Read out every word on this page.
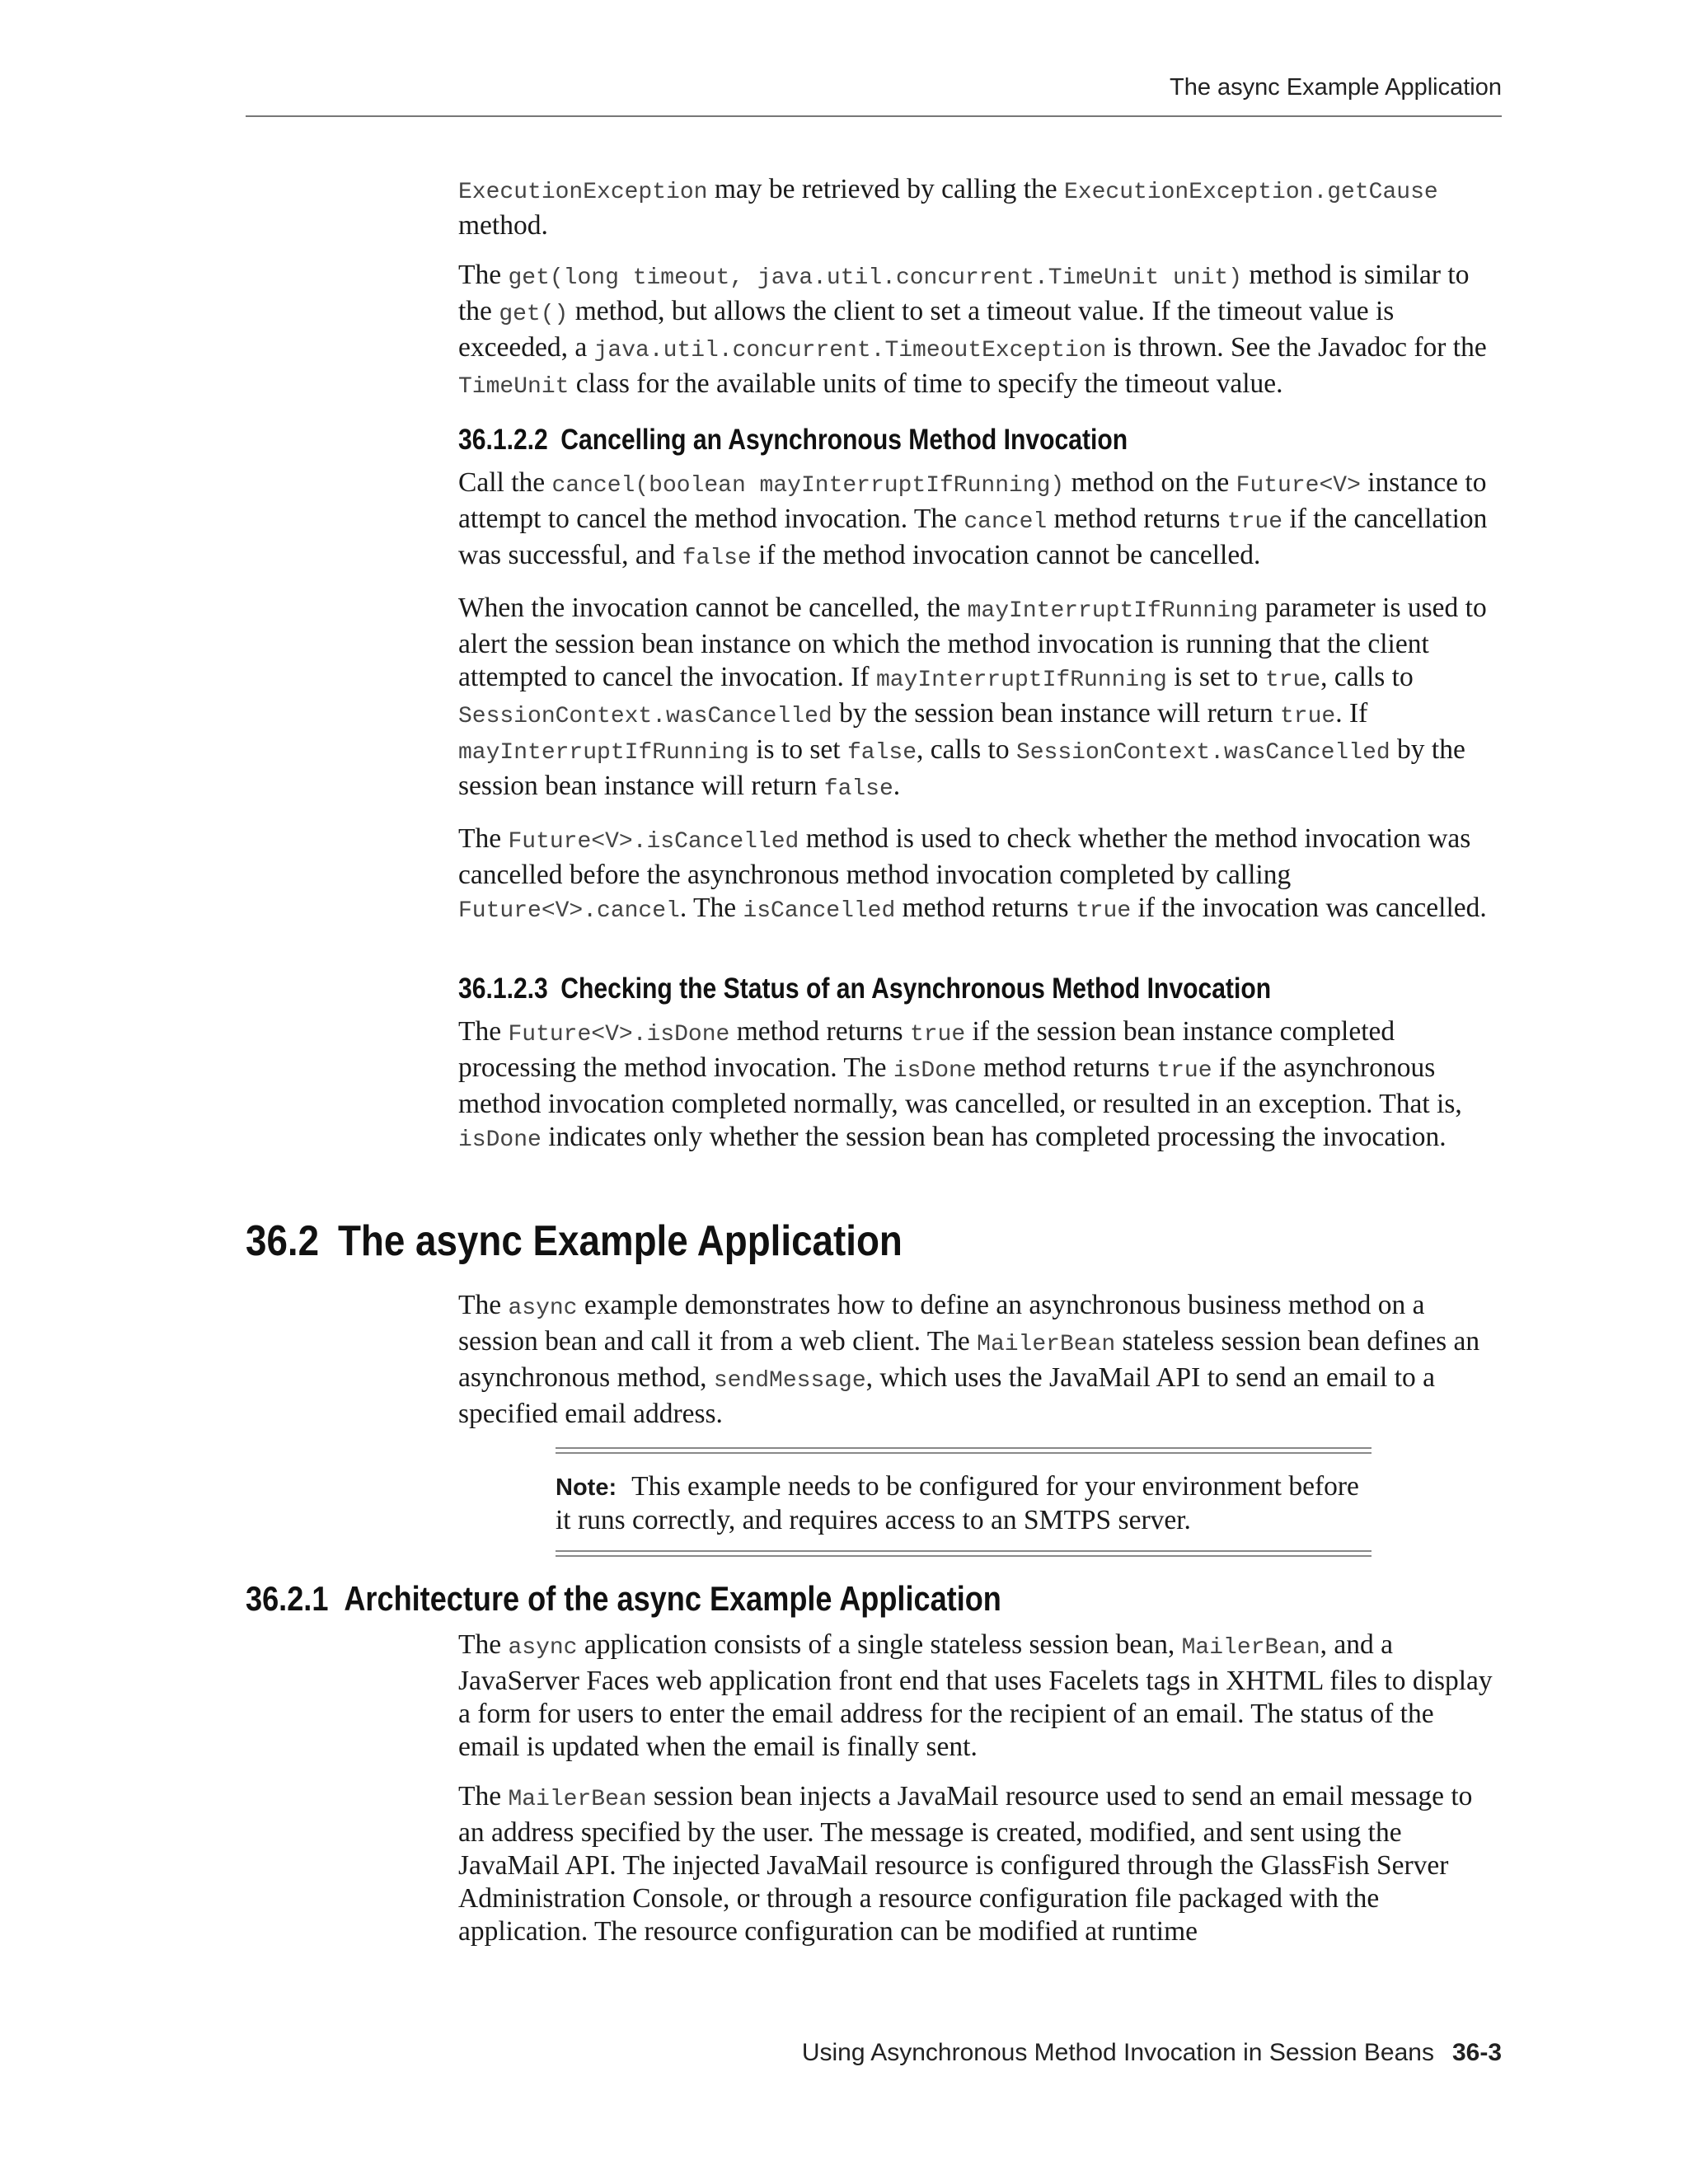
The async Example Application

ExecutionException may be retrieved by calling the ExecutionException.getCause method.

The get(long timeout, java.util.concurrent.TimeUnit unit) method is similar to the get() method, but allows the client to set a timeout value. If the timeout value is exceeded, a java.util.concurrent.TimeoutException is thrown. See the Javadoc for the TimeUnit class for the available units of time to specify the timeout value.

36.1.2.2 Cancelling an Asynchronous Method Invocation

Call the cancel(boolean mayInterruptIfRunning) method on the Future<V> instance to attempt to cancel the method invocation. The cancel method returns true if the cancellation was successful, and false if the method invocation cannot be cancelled.

When the invocation cannot be cancelled, the mayInterruptIfRunning parameter is used to alert the session bean instance on which the method invocation is running that the client attempted to cancel the invocation. If mayInterruptIfRunning is set to true, calls to SessionContext.wasCancelled by the session bean instance will return true. If mayInterruptIfRunning is to set false, calls to SessionContext.wasCancelled by the session bean instance will return false.

The Future<V>.isCancelled method is used to check whether the method invocation was cancelled before the asynchronous method invocation completed by calling Future<V>.cancel. The isCancelled method returns true if the invocation was cancelled.

36.1.2.3 Checking the Status of an Asynchronous Method Invocation

The Future<V>.isDone method returns true if the session bean instance completed processing the method invocation. The isDone method returns true if the asynchronous method invocation completed normally, was cancelled, or resulted in an exception. That is, isDone indicates only whether the session bean has completed processing the invocation.

36.2 The async Example Application

The async example demonstrates how to define an asynchronous business method on a session bean and call it from a web client. The MailerBean stateless session bean defines an asynchronous method, sendMessage, which uses the JavaMail API to send an email to a specified email address.

Note: This example needs to be configured for your environment before it runs correctly, and requires access to an SMTPS server.
36.2.1 Architecture of the async Example Application

The async application consists of a single stateless session bean, MailerBean, and a JavaServer Faces web application front end that uses Facelets tags in XHTML files to display a form for users to enter the email address for the recipient of an email. The status of the email is updated when the email is finally sent.

The MailerBean session bean injects a JavaMail resource used to send an email message to an address specified by the user. The message is created, modified, and sent using the JavaMail API. The injected JavaMail resource is configured through the GlassFish Server Administration Console, or through a resource configuration file packaged with the application. The resource configuration can be modified at runtime

Using Asynchronous Method Invocation in Session Beans 36-3
